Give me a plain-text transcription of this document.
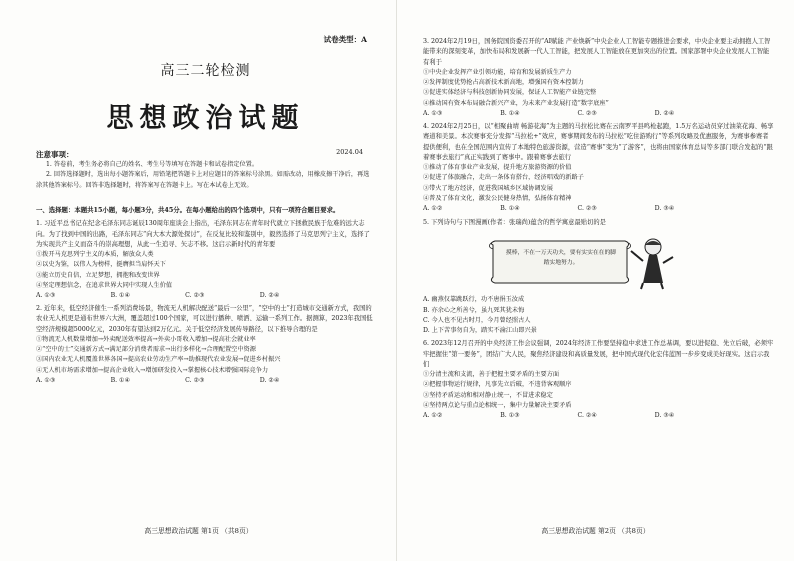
试卷类型：A
高三二轮检测
思想政治试题
2024.04
注意事项：

1. 答卷前，考生务必将自己的姓名、考生号等填写在答题卡和试卷指定位置。

2. 回答选择题时，选出每小题答案后，用铅笔把答题卡上对应题目的答案标号涂黑。如需改动，用橡皮擦干净后，再选涂其他答案标号。回答非选择题时，将答案写在答题卡上。写在本试卷上无效。

一、选择题：本题共15小题，每小题3分，共45分。在每小题给出的四个选项中，只有一项符合题目要求。
1. 习近平总书记在纪念毛泽东同志诞辰130周年座谈会上指出，毛泽东同志在青年时代就立下拯救民族于危难的远大志向。为了找到中国的出路，毛泽东同志“向大本大源处探讨”，在反复比较和鉴别中，毅然选择了马克思列宁主义，选择了为实现共产主义而奋斗的崇高理想，从此一生追寻、矢志不移。这启示新时代的青年要
①拨开马克思列宁主义的本质，解放众人类
②以史为鉴，以伟人为榜样，挺膺担当肩怀天下
③能立历史自信，立足梦想，拥抱和改变世界
④坚定理想信念，在追求世界大同中实现人生价值
A. ①③	B. ①④	C. ②③	D. ②④
2. 近年来，低空经济催生一系列消费场景，物流无人机解决配送“最后一公里”，“空中的士”打造城市交通新方式，我国的农业无人机更是通布世界六大洲，覆盖超过100个国家，可以进行播种、喷洒、运输一系列工作。据测算，2023年我国低空经济规模超5000亿元，2030年有望达到2万亿元。关于低空经济发展传导路径，以下推导合理的是
①物流无人机数量增加→外卖配送效率提高→外卖小哥收入增加→提高社会就业率
②“空中的士”交通新方式→满足部分消费者需求→出行多样化→合理配置空中资源
③国内农业无人机覆盖世界各国→提高农业劳动生产率→助推现代农业发展→促进乡村振兴
④无人机市场需求增加→提高企业收入→增加研发投入→掌握核心技术增强国际竞争力
A. ①③	B. ①④	C. ②③	D. ②④
高三思想政治试题 第1页 （共8页）
3. 2024年2月19日，国务院国资委召开的“AI赋能 产业焕新”中央企业人工智能专题推进会要求，中央企业要主动拥抱人工智能带来的深刻变革，加快布局和发展新一代人工智能，把发展人工智能放在更加突出的位置。国家部署中央企业发展人工智能有利于
①中央企业发挥产业引领功能，培育和发展新质生产力
②发挥制度优势抢占高新技术新高地，增强国有资本控制力
③促进实体经济与科技创新协同发展，保证人工智能产业链完整
④推动国有资本布局融合新兴产业，为未来产业发展打造“数字底座”
A. ①③	B. ①④	C. ②③	D. ②④
4. 2024年2月25日，以“相聚曲靖 畅游花海”为主题的马拉松比赛在云南罗平县鸣枪起跑，1.5万名运动员穿过油菜花海、畅享赛道和美景。本次赛事充分发挥“马拉松+”效应，赛事期间发布的马拉松“吃住游购行”等系列攻略及优惠服务，为赛事参赛者提供便利，也在全国范围内宣传了本地特色旅游资源，营造“赛事”变为“了游客”，也将由国家体育总局等多部门联合发起的“跟着赛事去旅行”真正实践到了赛事中。跟着赛事去旅行
①推动了体育事业产业发展，提升地方旅游资源的价值
②促进了体旅融合，走出一条体育搭台，经济唱戏的新路子
③带火了地方经济，促进我国城乡区域协调发展
④普及了体育文化，激发公民健身热情，弘扬体育精神
A. ①②	B. ①④	C. ②③	D. ③④
5. 下列诗句与下图漫画(作者：张瑞尚)蕴含的哲学寓意最贴切的是
摸棒，不在一万天功夫，要有实实在在的脚踏实地努力。
A. 幽燕仅靠跳跃行，功不唐捐玉汝成
B. 亦余心之所善兮，虽九死其犹未悔
C. 今人也不见古时月，今月曾经照古人
D. 上下苦事勿自为，踏实不渝江山即兴景
6. 2023年12月召开的中央经济工作会议强调，2024年经济工作要坚持稳中求进工作总基调，要以进促稳、先立后破，必须牢牢把握住“第一要务”，团结广大人民，聚焦经济建设和高质量发展，把中国式现代化宏伟蓝图一步步变成美好现实。这启示我们
①分清主流和支流，善于把握主要矛盾的主要方面
②把握事物运行规律，凡事先立后破，不违背客观顺序
③坚持矛盾运动和相对静止统一，不冒进求稳定
④坚持两点论与重点论相统一，集中力量解决主要矛盾
A. ①②	B. ①③	C. ②④	D. ③④
高三思想政治试题 第2页 （共8页）
